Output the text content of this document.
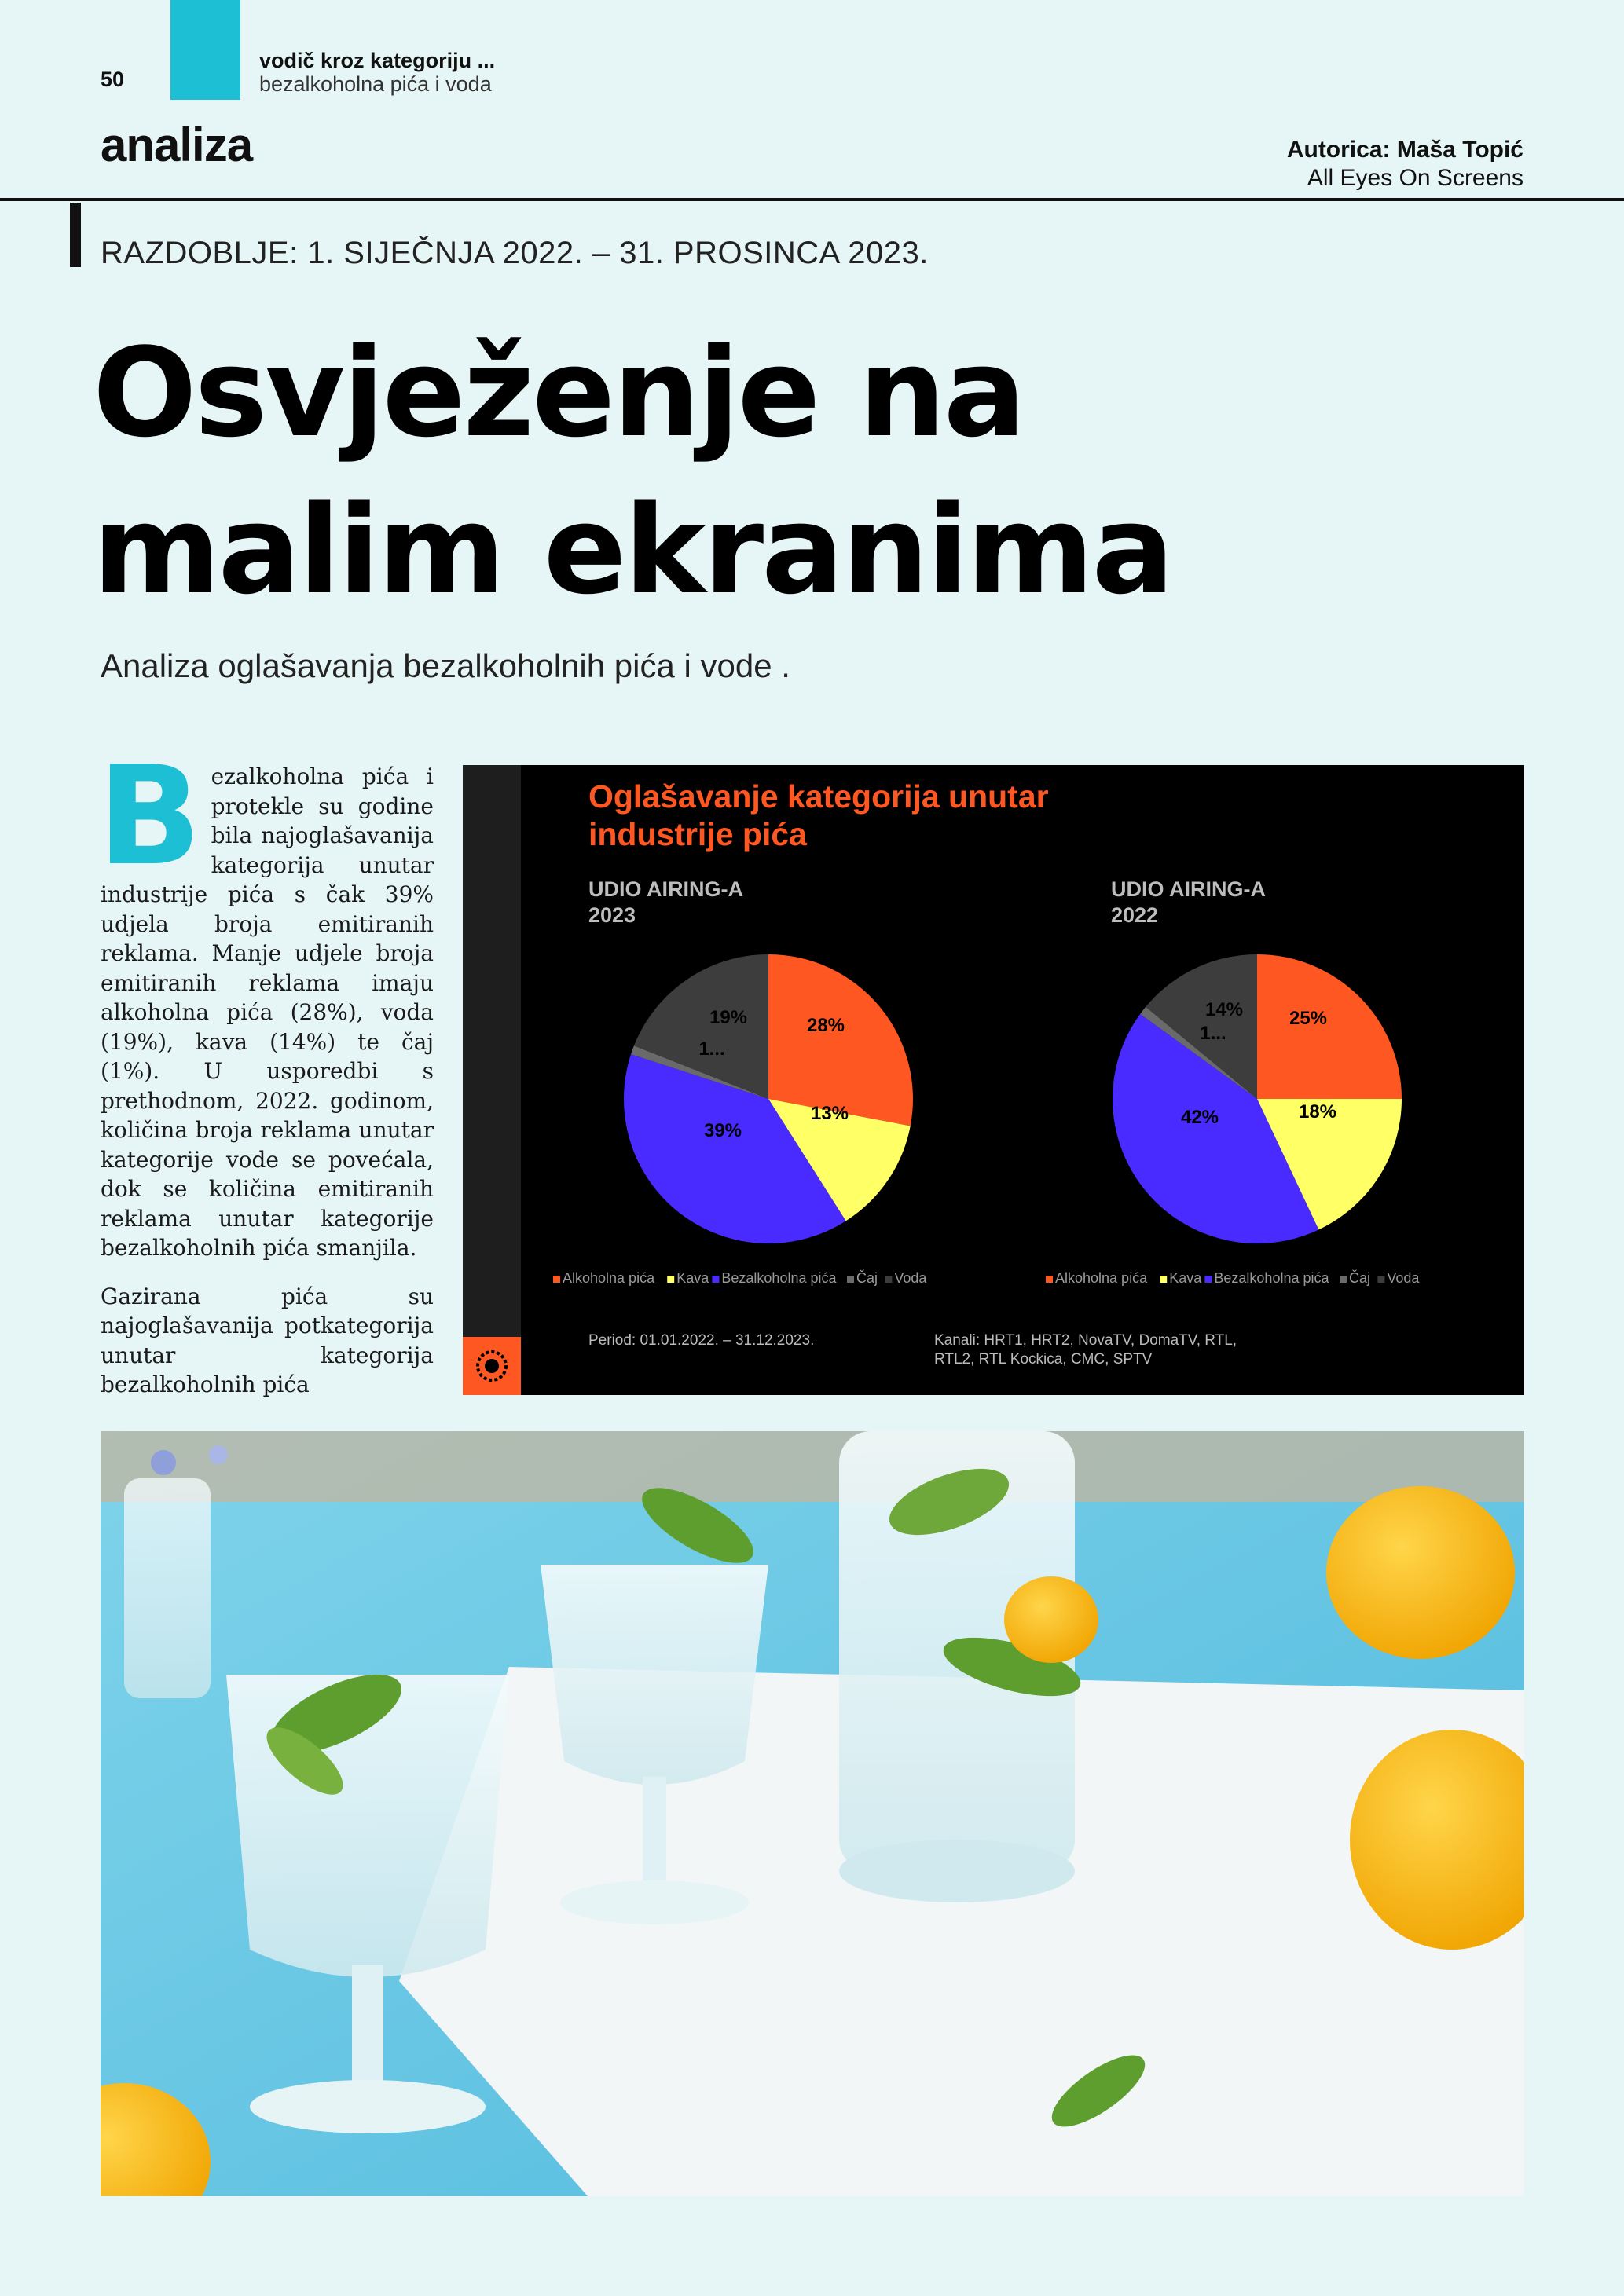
50
vodič kroz kategoriju ...
bezalkoholna pića i voda
analiza	Autorica: Maša Topić
All Eyes On Screens
RAZDOBLJE: 1. SIJEČNJA 2022. – 31. PROSINCA 2023.
Osvježenje na
malim ekranima
Analiza oglašavanja bezalkoholnih pića i vode .

Bezalkoholna pića i protekle su godine bila najoglašavanija kategorija unutar industrije pića s čak 39% udjela broja emitiranih reklama. Manje udjele broja emitiranih reklama imaju alkoholna pića (28%), voda (19%), kava (14%) te čaj (1%). U usporedbi s prethodnom, 2022. godinom, količina broja reklama unutar kategorije vode se povećala, dok se količina emitiranih reklama unutar kategorije bezalkoholnih pića smanjila.

Gazirana pića su najoglašavanija potkategorija unutar kategorija bezalkoholnih pića

Oglašavanje kategorija unutar
industrije pića
UDIO AIRING-A
2023
28%
13%
39%
1...
19%
Alkoholna pića Kava Bezalkoholna pića Čaj Voda
UDIO AIRING-A
2022
25%
18%
42%
1...
14%
Alkoholna pića Kava Bezalkoholna pića Čaj Voda
Period: 01.01.2022. – 31.12.2023.	Kanali: HRT1, HRT2, NovaTV, DomaTV, RTL,
RTL2, RTL Kockica, CMC, SPTV
